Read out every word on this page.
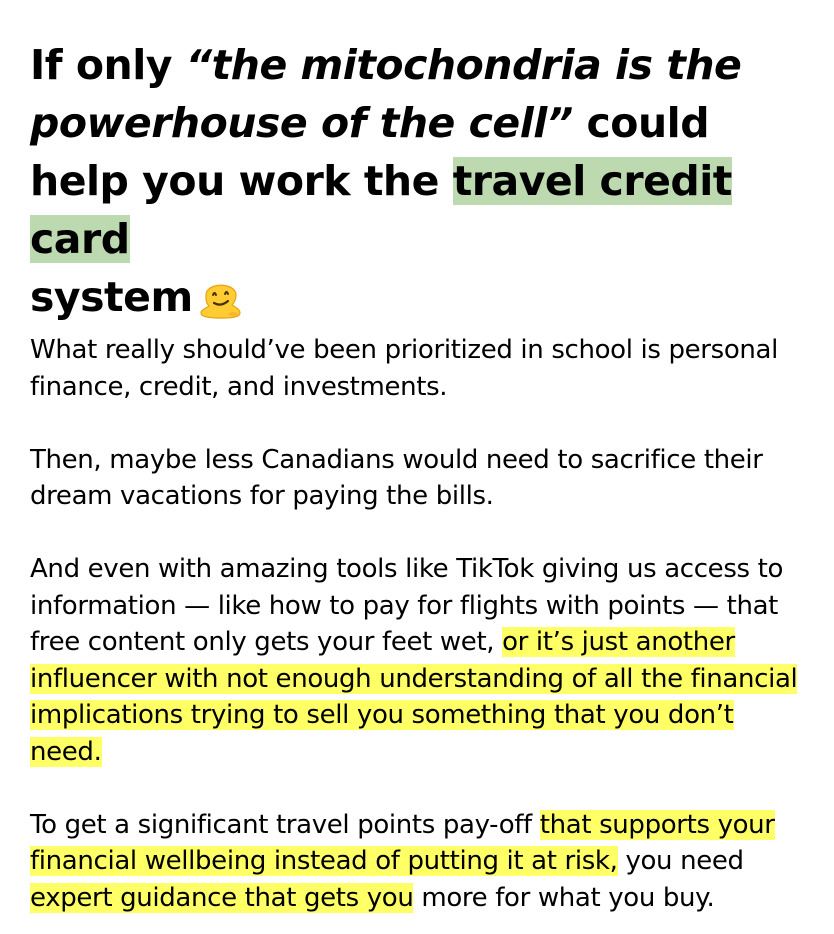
If only “the mitochondria is the powerhouse of the cell” could help you work the travel credit card
system

What really should’ve been prioritized in school is personal finance, credit, and investments.

Then, maybe less Canadians would need to sacrifice their dream vacations for paying the bills.

And even with amazing tools like TikTok giving us access to information — like how to pay for flights with points — that free content only gets your feet wet, or it’s just another influencer with not enough understanding of all the financial implications trying to sell you something that you don’t need.

To get a significant travel points pay-off that supports your financial wellbeing instead of putting it at risk, you need expert guidance that gets you more for what you buy.
